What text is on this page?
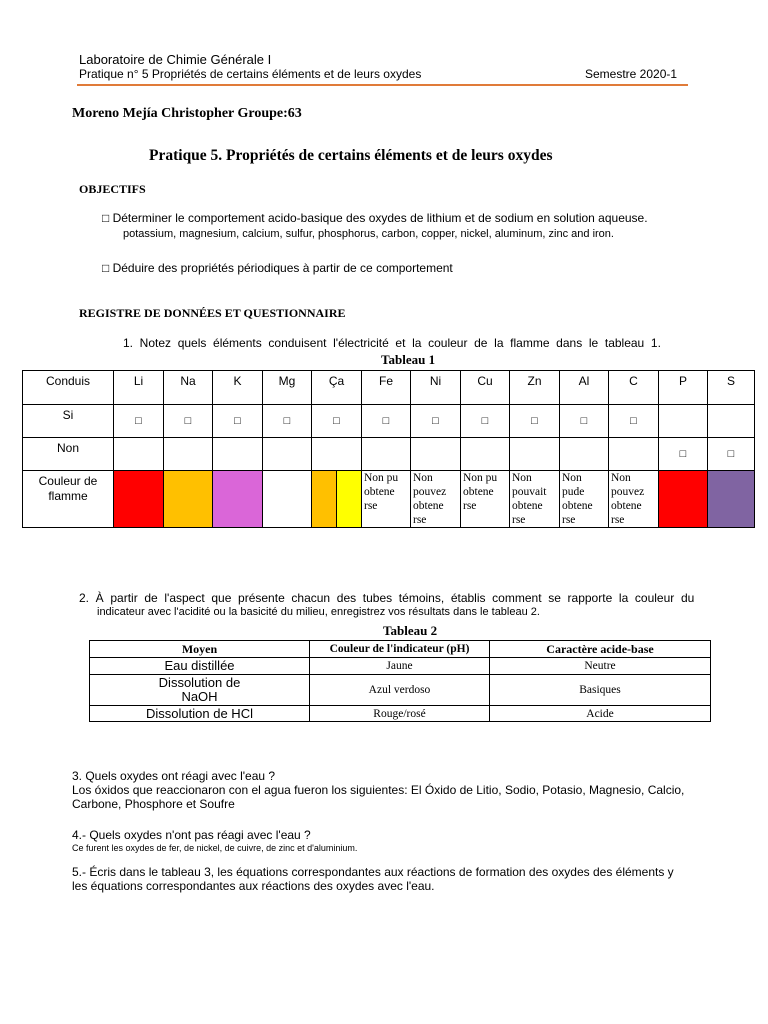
Laboratoire de Chimie Générale I
Pratique n° 5 Propriétés de certains éléments et de leurs oxydes	Semestre 2020-1
Moreno Mejía Christopher Groupe:63
Pratique 5. Propriétés de certains éléments et de leurs oxydes
OBJECTIFS
□ Déterminer le comportement acido-basique des oxydes de lithium et de sodium en solution aqueuse.
potassium, magnesium, calcium, sulfur, phosphorus, carbon, copper, nickel, aluminum, zinc and iron.
□ Déduire des propriétés périodiques à partir de ce comportement
REGISTRE DE DONNÉES ET QUESTIONNAIRE
1.  Notez  quels  éléments  conduisent  l'électricité  et  la  couleur  de  la  flamme  dans  le  tableau  1.
Tableau 1
Conduis	Li	Na	K	Mg	Ça	Fe	Ni	Cu	Zn	Al	C	P	S
Si	□	□	□	□	□	□	□	□	□	□	□		
Non												□	□
Couleur de flamme						Non pu obtene rse	Non pouvez obtene rse	Non pu obtene rse	Non pouvait obtene rse	Non pude obtene rse	Non pouvez obtene rse		
2.  À  partir  de  l'aspect  que  présente  chacun  des  tubes  témoins,  établis  comment  se  rapporte  la  couleur  du
indicateur avec l'acidité ou la basicité du milieu, enregistrez vos résultats dans le tableau 2.
Tableau 2
Moyen	Couleur de l'indicateur (pH)	Caractère acide-base
Eau distillée	Jaune	Neutre
Dissolution de NaOH	Azul verdoso	Basiques
Dissolution de HCl	Rouge/rosé	Acide
3. Quels oxydes ont réagi avec l'eau ?
Los óxidos que reaccionaron con el agua fueron los siguientes: El Óxido de Litio, Sodio, Potasio, Magnesio, Calcio,
Carbone, Phosphore et Soufre
4.- Quels oxydes n'ont pas réagi avec l'eau ?
Ce furent les oxydes de fer, de nickel, de cuivre, de zinc et d'aluminium.
5.- Écris dans le tableau 3, les équations correspondantes aux réactions de formation des oxydes des éléments y
les équations correspondantes aux réactions des oxydes avec l'eau.
